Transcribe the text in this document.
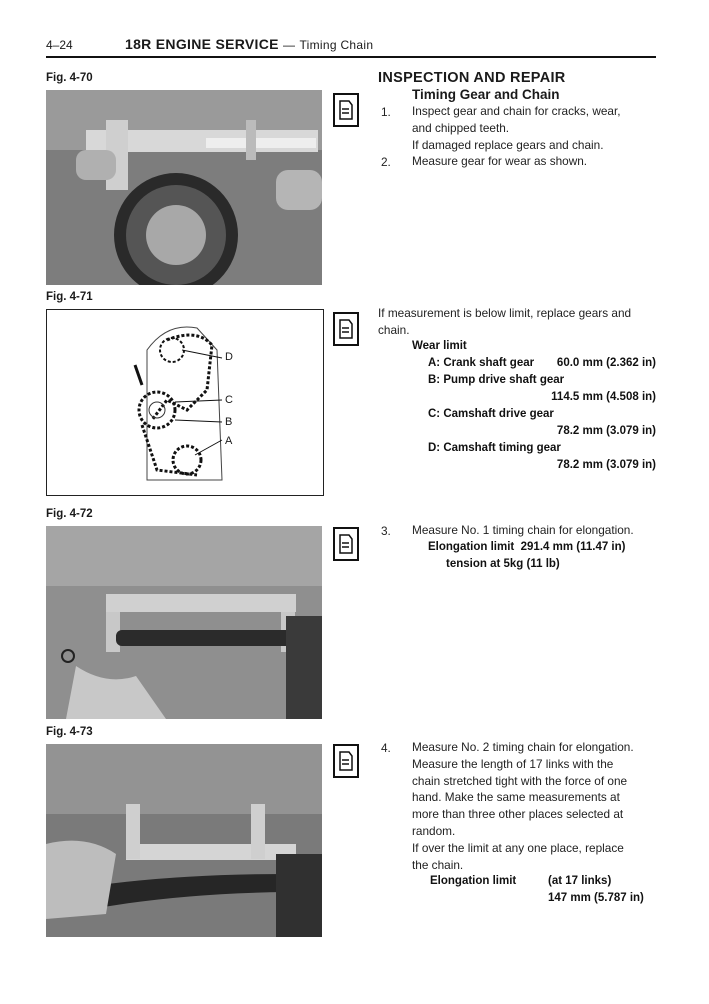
4–24	18R ENGINE SERVICE — Timing Chain
Fig. 4-70
Fig. 4-71
D
C
B
A
Fig. 4-72
Fig. 4-73
INSPECTION AND REPAIR
Timing Gear and Chain
1. Inspect gear and chain for cracks, wear,
and chipped teeth.
If damaged replace gears and chain.
2. Measure gear for wear as shown.
If measurement is below limit, replace gears and
chain.
Wear limit
A: Crank shaft gear	60.0 mm (2.362 in)
B: Pump drive shaft gear
114.5 mm (4.508 in)
C: Camshaft drive gear
78.2 mm (3.079 in)
D: Camshaft timing gear
78.2 mm (3.079 in)
3. Measure No. 1 timing chain for elongation.
Elongation limit 291.4 mm (11.47 in)
tension at 5kg (11 lb)
4. Measure No. 2 timing chain for elongation.
Measure the length of 17 links with the
chain stretched tight with the force of one
hand. Make the same measurements at
more than three other places selected at
random.
If over the limit at any one place, replace
the chain.
Elongation limit	(at 17 links)
147 mm (5.787 in)
